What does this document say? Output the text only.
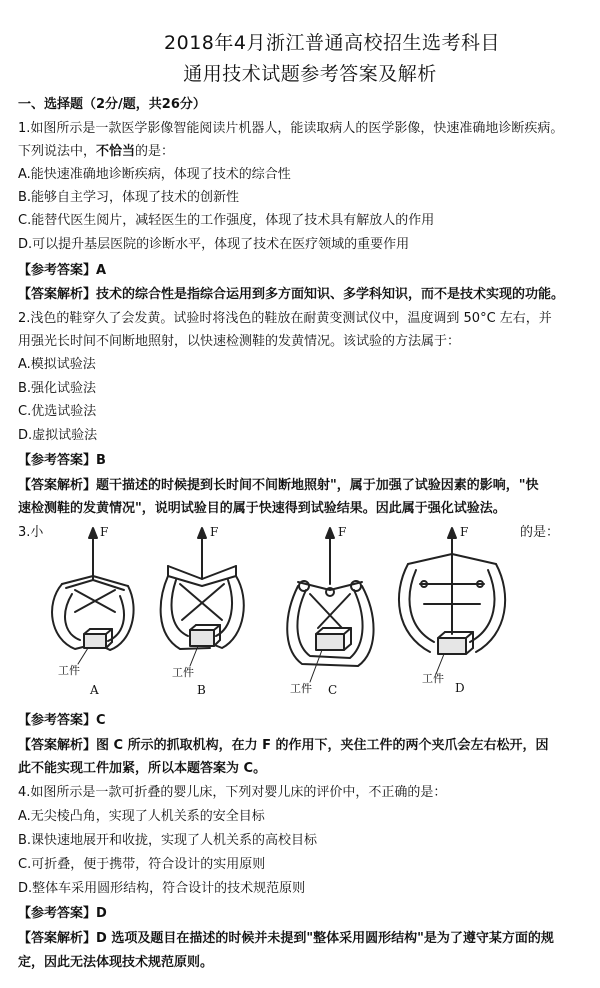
2018年4月浙江普通高校招生选考科目
通用技术试题参考答案及解析
一、选择题（2分/题，共26分）
1.如图所示是一款医学影像智能阅读片机器人，能读取病人的医学影像，快速准确地诊断疾病。
下列说法中，不恰当的是：
A.能快速准确地诊断疾病，体现了技术的综合性
B.能够自主学习，体现了技术的创新性
C.能替代医生阅片，减轻医生的工作强度，体现了技术具有解放人的作用
D.可以提升基层医院的诊断水平，体现了技术在医疗领域的重要作用
【参考答案】A
【答案解析】技术的综合性是指综合运用到多方面知识、多学科知识，而不是技术实现的功能。
2.浅色的鞋穿久了会发黄。试验时将浅色的鞋放在耐黄变测试仪中，温度调到 50°C 左右，并
用强光长时间不间断地照射，以快速检测鞋的发黄情况。该试验的方法属于：
A.模拟试验法
B.强化试验法
C.优选试验法
D.虚拟试验法
【参考答案】B
【答案解析】题干描述的时候提到长时间不间断地照射"，属于加强了试验因素的影响，"快
速检测鞋的发黄情况"，说明试验目的属于快速得到试验结果。因此属于强化试验法。
3.小	的是：
F	F	F	F
工件	工件
工件
工件
A	B	C	D
【参考答案】C
【答案解析】图 C 所示的抓取机构，在力 F 的作用下，夹住工件的两个夹爪会左右松开，因
此不能实现工件加紧，所以本题答案为 C。
4.如图所示是一款可折叠的婴儿床，下列对婴儿床的评价中，不正确的是：
A.无尖棱凸角，实现了人机关系的安全目标
B.课快速地展开和收拢，实现了人机关系的高校目标
C.可折叠，便于携带，符合设计的实用原则
D.整体车采用圆形结构，符合设计的技术规范原则
【参考答案】D
【答案解析】D 选项及题目在描述的时候并未提到"整体采用圆形结构"是为了遵守某方面的规
定，因此无法体现技术规范原则。
